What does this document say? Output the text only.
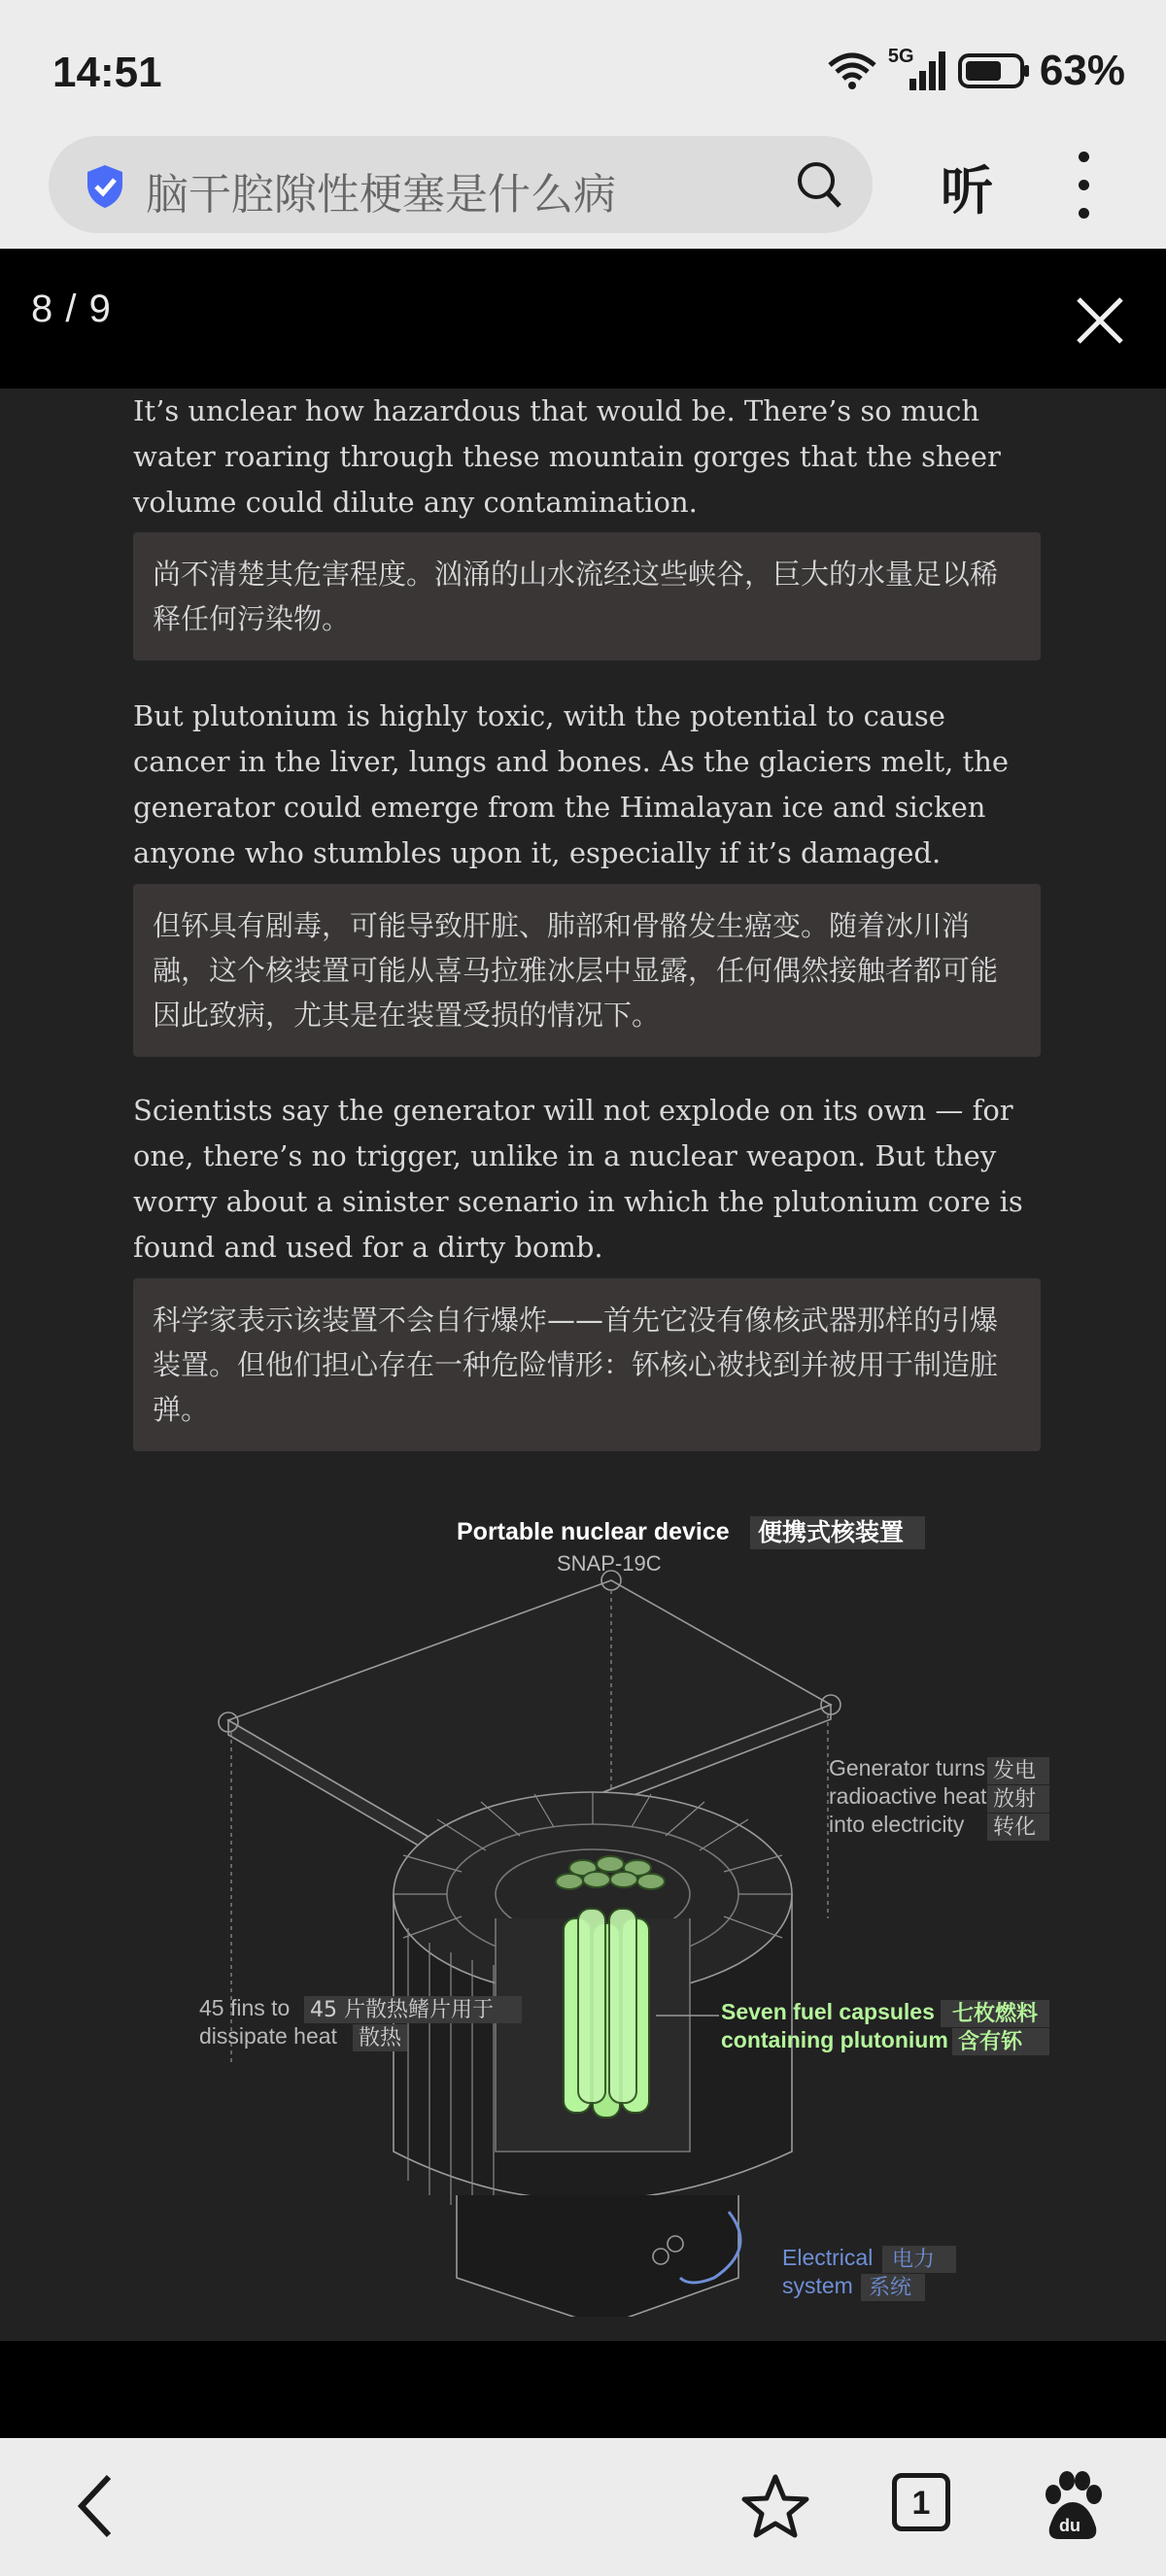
14:51	5G	63%
脑干腔隙性梗塞是什么病	听
8 / 9

It’s unclear how hazardous that would be. There’s so much water roaring through these mountain gorges that the sheer volume could dilute any contamination.

尚不清楚其危害程度。汹涌的山水流经这些峡谷，巨大的水量足以稀释任何污染物。

But plutonium is highly toxic, with the potential to cause cancer in the liver, lungs and bones. As the glaciers melt, the generator could emerge from the Himalayan ice and sicken anyone who stumbles upon it, especially if it’s damaged.

但钚具有剧毒，可能导致肝脏、肺部和骨骼发生癌变。随着冰川消融，这个核装置可能从喜马拉雅冰层中显露，任何偶然接触者都可能因此致病，尤其是在装置受损的情况下。

Scientists say the generator will not explode on its own — for one, there’s no trigger, unlike in a nuclear weapon. But they worry about a sinister scenario in which the plutonium core is found and used for a dirty bomb.

科学家表示该装置不会自行爆炸——首先它没有像核武器那样的引爆装置。但他们担心存在一种危险情形：钚核心被找到并被用于制造脏弹。

Portable nuclear device 便携式核装置
SNAP-19C
Generator turns
radioactive heat
into electricity
发电
放射
转化
45 fins to
dissipate heat
45 片散热鳍片用于
散热
Seven fuel capsules
containing plutonium
七枚燃料
含有钚
Electrical
system
电力
系统
1
du
